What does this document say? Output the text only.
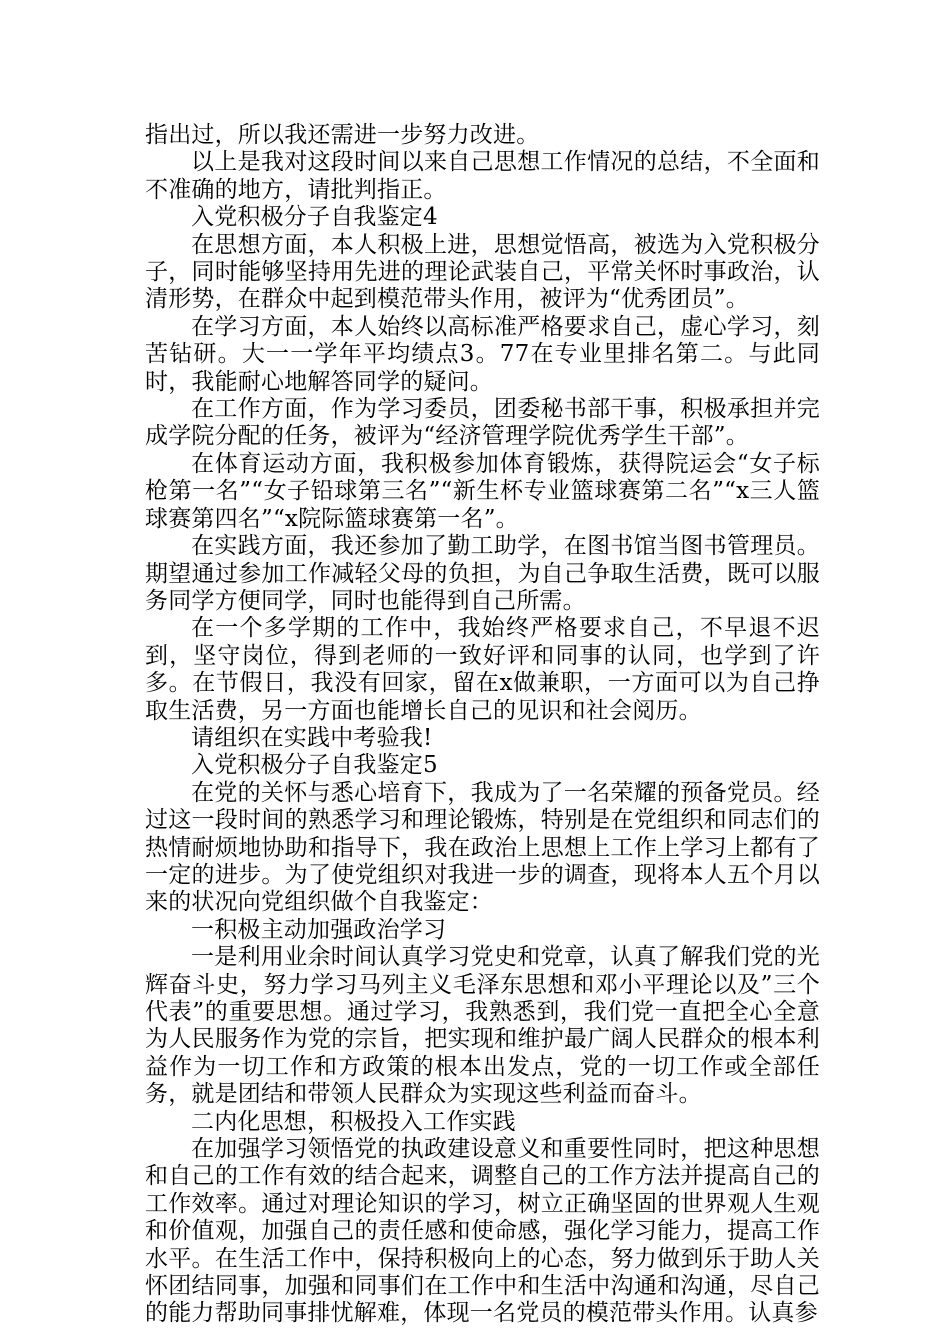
指出过，所以我还需进一步努力改进。

以上是我对这段时间以来自己思想工作情况的总结，不全面和不准确的地方，请批判指正。

入党积极分子自我鉴定4

在思想方面，本人积极上进，思想觉悟高，被选为入党积极分子，同时能够坚持用先进的理论武装自己，平常关怀时事政治，认清形势，在群众中起到模范带头作用，被评为“优秀团员”。

在学习方面，本人始终以高标准严格要求自己，虚心学习，刻苦钻研。大一一学年平均绩点3。77在专业里排名第二。与此同时，我能耐心地解答同学的疑问。

在工作方面，作为学习委员，团委秘书部干事，积极承担并完成学院分配的任务，被评为“经济管理学院优秀学生干部”。

在体育运动方面，我积极参加体育锻炼，获得院运会“女子标枪第一名”“女子铅球第三名”“新生杯专业篮球赛第二名”“x三人篮球赛第四名”“x院际篮球赛第一名”。

在实践方面，我还参加了勤工助学，在图书馆当图书管理员。期望通过参加工作减轻父母的负担，为自己争取生活费，既可以服务同学方便同学，同时也能得到自己所需。

在一个多学期的工作中，我始终严格要求自己，不早退不迟到，坚守岗位，得到老师的一致好评和同事的认同，也学到了许多。在节假日，我没有回家，留在x做兼职，一方面可以为自己挣取生活费，另一方面也能增长自己的见识和社会阅历。

请组织在实践中考验我!

入党积极分子自我鉴定5

在党的关怀与悉心培育下，我成为了一名荣耀的预备党员。经过这一段时间的熟悉学习和理论锻炼，特别是在党组织和同志们的热情耐烦地协助和指导下，我在政治上思想上工作上学习上都有了一定的进步。为了使党组织对我进一步的调查，现将本人五个月以来的状况向党组织做个自我鉴定：

一积极主动加强政治学习

一是利用业余时间认真学习党史和党章，认真了解我们党的光辉奋斗史，努力学习马列主义毛泽东思想和邓小平理论以及”三个代表”的重要思想。通过学习，我熟悉到，我们党一直把全心全意为人民服务作为党的宗旨，把实现和维护最广阔人民群众的根本利益作为一切工作和方政策的根本出发点，党的一切工作或全部任务，就是团结和带领人民群众为实现这些利益而奋斗。

二内化思想，积极投入工作实践

在加强学习领悟党的执政建设意义和重要性同时，把这种思想和自己的工作有效的结合起来，调整自己的工作方法并提高自己的工作效率。通过对理论知识的学习，树立正确坚固的世界观人生观和价值观，加强自己的责任感和使命感，强化学习能力，提高工作水平。在生活工作中，保持积极向上的心态，努力做到乐于助人关怀团结同事，加强和同事们在工作中和生活中沟通和沟通，尽自己的能力帮助同事排忧解难，体现一名党员的模范带头作用。认真参
